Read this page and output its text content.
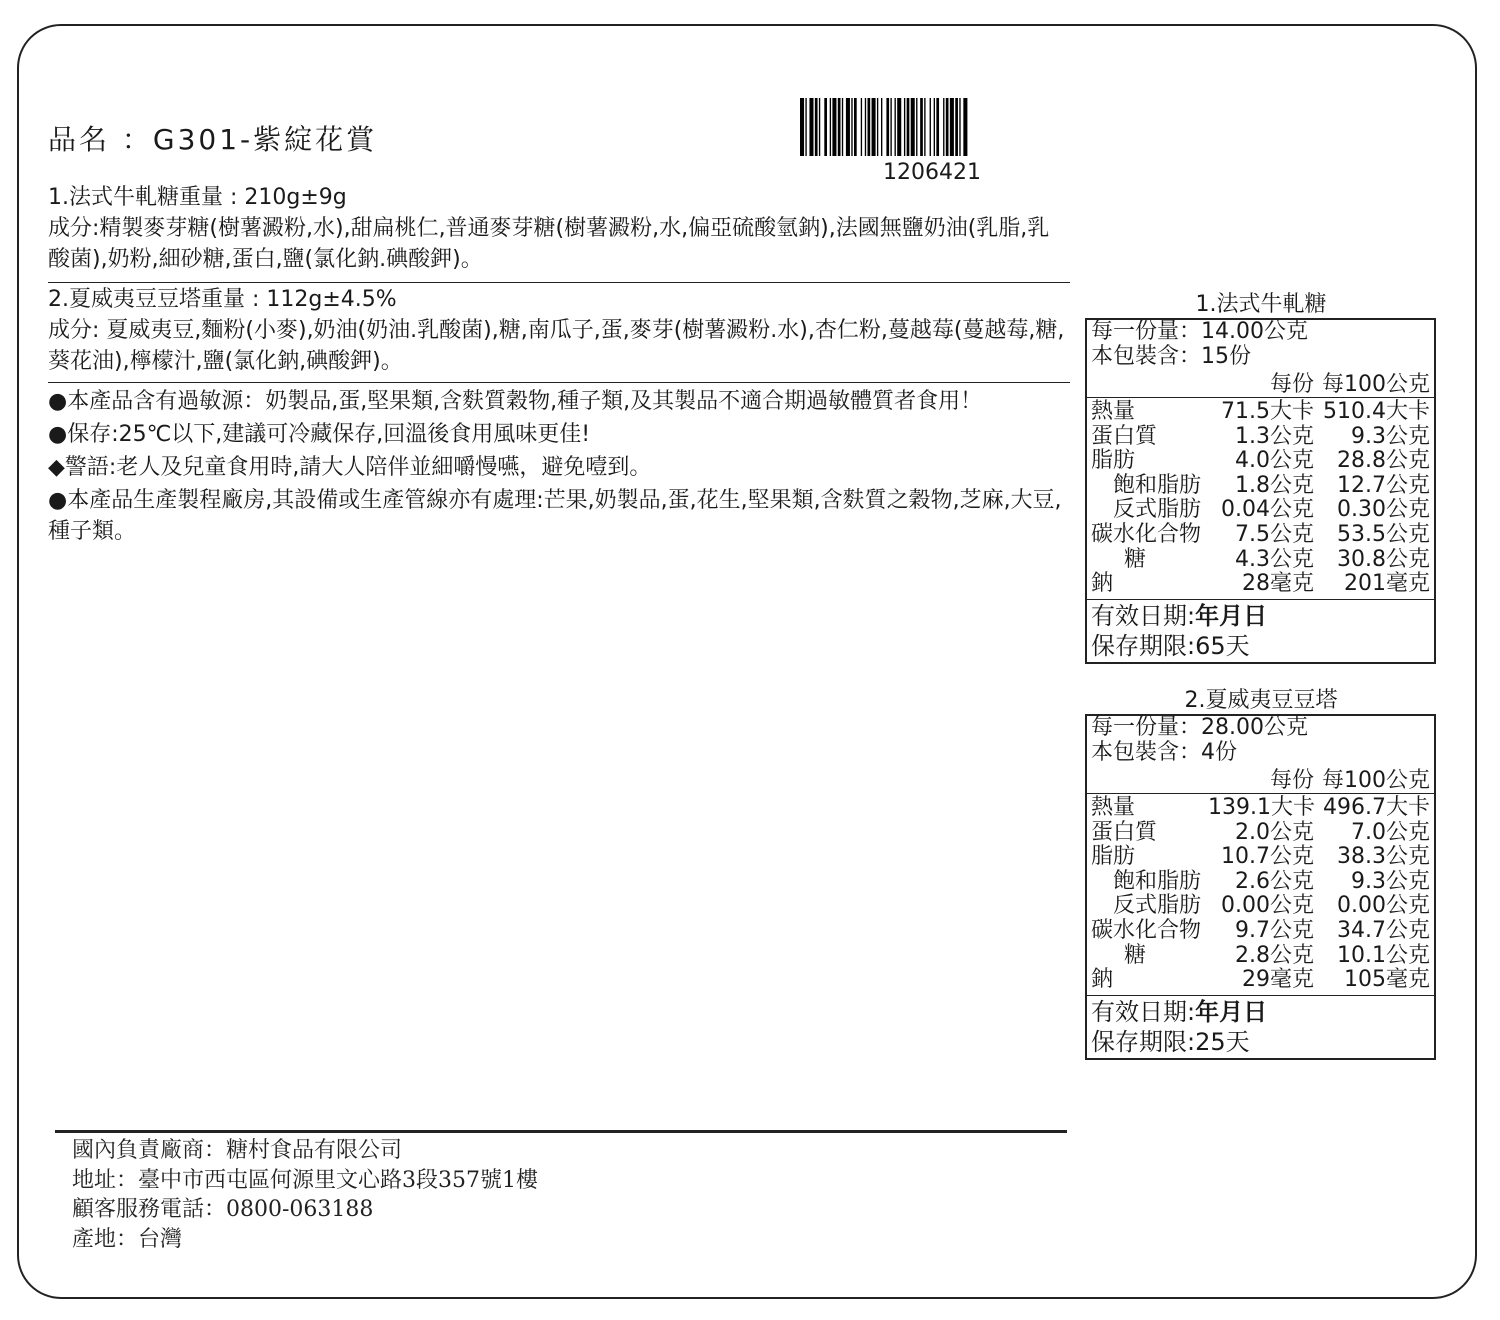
品名 ：G301-紫綻花賞
1206421

1.法式牛軋糖重量 : 210g±9g

成分:精製麥芽糖(樹薯澱粉,水),甜扁桃仁,普通麥芽糖(樹薯澱粉,水,偏亞硫酸氫鈉),法國無鹽奶油(乳脂,乳酸菌),奶粉,細砂糖,蛋白,鹽(氯化鈉.碘酸鉀)。

2.夏威夷豆豆塔重量 : 112g±4.5%

成分: 夏威夷豆,麵粉(小麥),奶油(奶油.乳酸菌),糖,南瓜子,蛋,麥芽(樹薯澱粉.水),杏仁粉,蔓越莓(蔓越莓,糖,葵花油),檸檬汁,鹽(氯化鈉,碘酸鉀)。

●本產品含有過敏源：奶製品,蛋,堅果類,含麩質穀物,種子類,及其製品不適合期過敏體質者食用！

●保存:25℃以下,建議可冷藏保存,回溫後食用風味更佳!

◆警語:老人及兒童食用時,請大人陪伴並細嚼慢嚥，避免噎到。

●本產品生產製程廠房,其設備或生產管線亦有處理:芒果,奶製品,蛋,花生,堅果類,含麩質之穀物,芝麻,大豆,種子類。

1.法式牛軋糖
每一份量：14.00公克
本包裝含：15份
每份 每100公克
熱量	71.5大卡 510.4大卡
蛋白質	1.3公克	9.3公克
脂肪	4.0公克	28.8公克
飽和脂肪	1.8公克	12.7公克
反式脂肪 0.04公克	0.30公克
碳水化合物	7.5公克	53.5公克
糖	4.3公克	30.8公克
鈉	28毫克	201毫克
有效日期:年月日
保存期限:65天
2.夏威夷豆豆塔
每一份量：28.00公克
本包裝含：4份
每份 每100公克
熱量	139.1大卡 496.7大卡
蛋白質	2.0公克	7.0公克
脂肪	10.7公克	38.3公克
飽和脂肪	2.6公克	9.3公克
反式脂肪 0.00公克	0.00公克
碳水化合物	9.7公克	34.7公克
糖	2.8公克	10.1公克
鈉	29毫克	105毫克
有效日期:年月日
保存期限:25天

國內負責廠商：糖村食品有限公司

地址：臺中市西屯區何源里文心路3段357號1樓

顧客服務電話：0800-063188

產地：台灣
